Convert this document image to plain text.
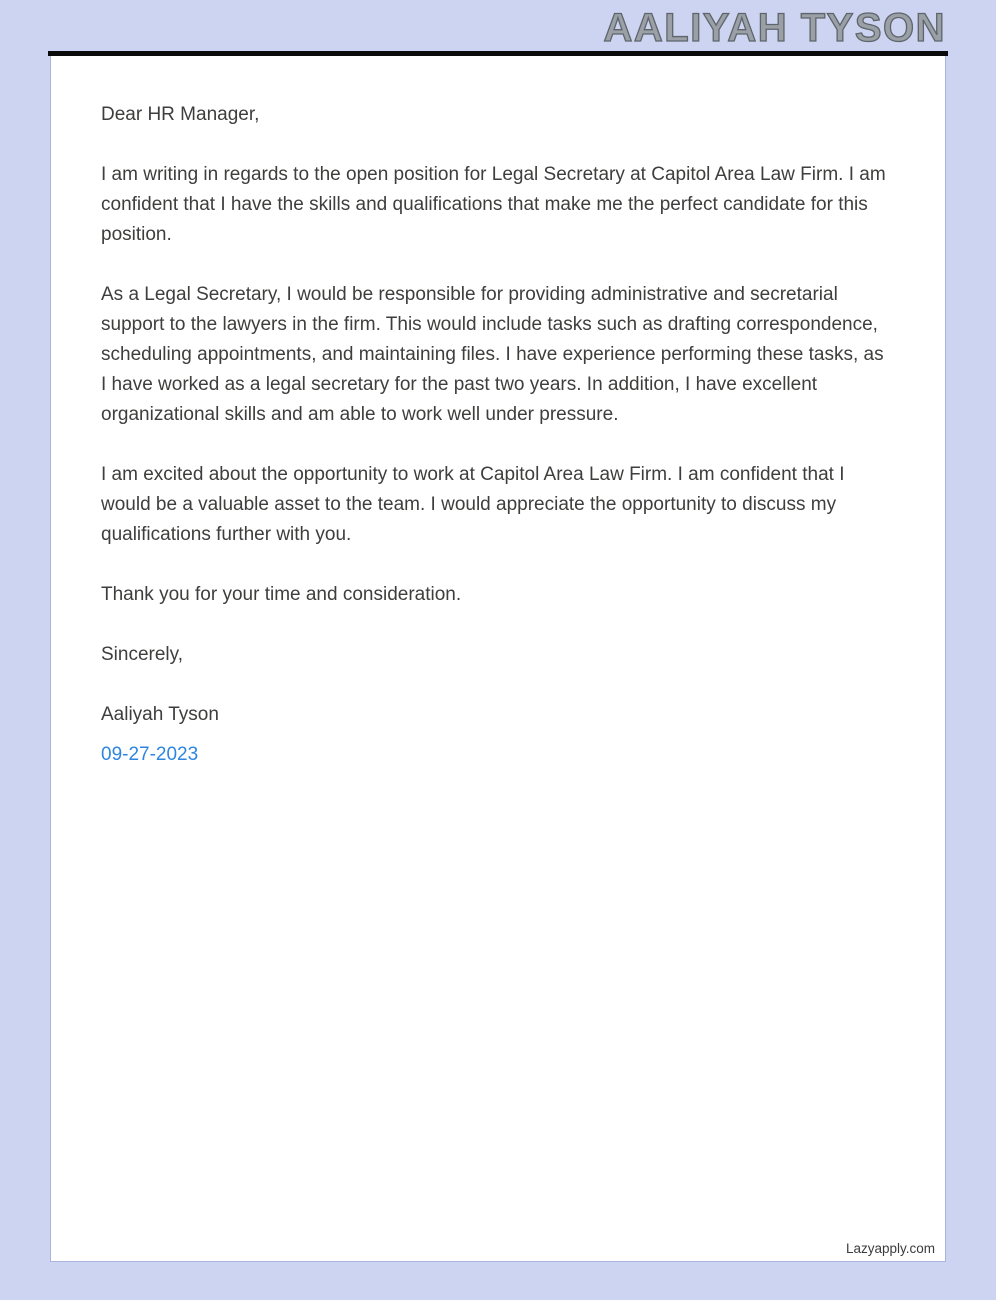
AALIYAH TYSON

Dear HR Manager,

I am writing in regards to the open position for Legal Secretary at Capitol Area Law Firm. I am confident that I have the skills and qualifications that make me the perfect candidate for this position.

As a Legal Secretary, I would be responsible for providing administrative and secretarial support to the lawyers in the firm. This would include tasks such as drafting correspondence, scheduling appointments, and maintaining files. I have experience performing these tasks, as I have worked as a legal secretary for the past two years. In addition, I have excellent organizational skills and am able to work well under pressure.

I am excited about the opportunity to work at Capitol Area Law Firm. I am confident that I would be a valuable asset to the team. I would appreciate the opportunity to discuss my qualifications further with you.

Thank you for your time and consideration.

Sincerely,

Aaliyah Tyson

09-27-2023

Lazyapply.com
